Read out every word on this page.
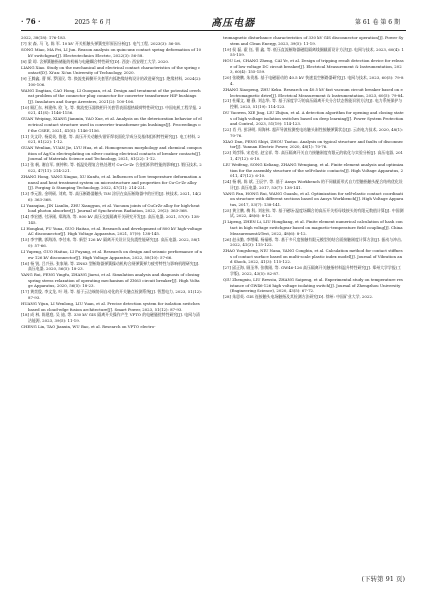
· 76 ·	2025 年 6 月	高压电器	第 61 卷 第 6 期

2022, 38(18): 176-183.

[7] 宋 森, 马 飞, 陈 军. 10 kV 开关柜触头弹簧变形原因分析[J]. 电气工程, 2023(3): 56-58.

SONG Miao, MA Fei, LI Jun. Reason analysis on quincunx contact spring deformation of 10 kV switchgear[J]. Electrotechnics Electric, 2022(3): 56-58.

[8] 梁 琼. 含弹簧触指储能的机械与电磁耦合特性研究[D]. 西安: 西安理工大学, 2020.

LIANG Xiao. Study on the mechanical and electrical contact characteristics of the spring contact[D]. Xi'an: Xi'an University of Technology, 2020.

[9] 王腾鑫, 曹 辉, 罗国民, 等. 换流变阀侧开关套管内弧绝缘结构设计的改进研究[J]. 绝缘材料, 2024(2): 100-106.

WANG Dagtian, CAO Hong, LI Guoquan, et al. Design and treatment of the potential overheat problem of the connector plug connector for converter transformer HIP bushings[J]. Insulators and Surge Arresters, 2021(2): 100-106.

[10] 顾汇东, 林建伟, 欧 飞, 等. 换流变压器换相开关套管表面超热载荷特性研究[J]. 中国电机工程学报, 2021, 41(S): 1146-1156.

GUAN Weiping, XIANG Jianmin, YAO Xue, et al. Analysis on the deterioration behavior of electrical contact structure used in converter transformer pin bushings[J]. Proceedings of the CSEE, 2021, 41(S): 1146-1156.

[11] 关文玲, 杨爱英, 鲁建, 等. 高压开关动触头银钎焊表面化学成分及基体组织特性研究[J]. 电工材料, 2021, 81(22): 1-12.

GUAN Wenlian, YUAN Jie, LYU Hua, et al. Homogeneous morphology and chemical composition of Ag/Cu electroplating on silver coating electrical contacts of breaker contacts[J]. Journal of Materials Science and Technology, 2021, 81(22): 1-12.

[12] 张 帆, 谢自军, 康仲和, 等. 低温处理复合热处理对 Cu-Cr-Zr 合金组织和性能的影响[J]. 锻压技术, 2022, 47(11): 214-221.

ZHANG Hong, YANG Xingao, XU Kunfu, et al. Influences of low temperature deformation anneal and heat treatment system on microstructure and properties for Cu-Cr-Zr alloy[J]. Forging & Stamping Technology, 2022, 47(11): 214-221.

[13] 李元淮, 金明硕, 刘欢, 等. 高压断路器触头 TiN 涂层在高压断路器中的应用[J]. 核技术, 2021, 14(26): 363-368.

LI Yuanqian, JIN Lianliu, ZHU Xiangyan, et al. Vacuum joints of CuCrZr alloy for high-heat load photon absorber[J]. Journal of Synchrotron Radiation, 2022, 29(2): 363-368.

[14] 李宏德, 付泽刚, 郑海涛, 等. 800 kV 高压交流隔离开关研究开发[J]. 高压电器, 2021, 57(9): 138-145.

LI Hongkui, FU Yuna, GUO Haitao, et al. Research and development of 800 kV high-voltage AC disconnector[J]. High Voltage Apparatus, 2021, 57(9): 138-145.

[15] 李宇鹏, 郭海涛, 李付来, 等. 新型 126 kV 隔离开关设计及抗震性能研究[J]. 高压电器, 2022, 58(10): 57-66.

LI Yupeng, GUO Haitao, LI Fuyang, et al. Research on design and seismic performance of new 126 kV disconnector[J]. High Voltage Apparatus, 2022, 58(10): 57-66.

[16] 杨 锐, 吕兴孙, 张家瑞, 等. ZN63 型断路器弹簧操动机构合闸弹簧弹力疲劳特性与影响机理研究[J]. 高压电器, 2020, 56(5): 18-23.

YANG Rui, FENG Yingfu, ZHANG Jiarui, et al. Simulation analysis and diagnosis of closing spring stress relaxation of operating mechanism of ZN63 circuit breaker[J]. High Voltage Apparatus, 2020, 56(5): 18-23.

[17] 黄奕俊, 李文龙, 叶 瑶, 等. 基于云边端协同自动化的开关触点检测系统[J]. 智慧电力, 2023, 51(12): 87-93.

HUANG Yijun, LI Wenlong, LIU Yuan, et al. Precise detection system for isolation switches based on cloud-edge fusion architecture[J]. Smart Power, 2023, 51(12): 87-93.

[18] 成 林, 陈建庭, 吴 迪, 等. 330 kV GIS 隔离开关操作产生 VFTO 的电磁骚扰特性研究[J]. 电网与清洁能源, 2023, 39(5): 11-19.

CHENG Lin, TAO Jianxin, WU Bao, et al. Research on VFTO electro-

tromagnetic disturbance characteristics of 330 kV GIS disconnector operation[J]. Power System and Clean Energy, 2023, 39(5): 11-19.

[19] 侯 磊, 霍 钰, 曹 鑫, 等. 低压直流断路器磁阻隔离线圈截面设计方法[J]. 电网与技术, 2023, 60(4): 155-159.

HOU Lei, CHANG Zheng, CAI Ye, et al. Design of tripping result detection device for release of low voltage DC circuit breaker[J]. Electrical Measurement & Instrumentation, 2023, 60(4): 155-159.

[20] 张晓鹏, 朱贵基. 基于电磁驱动的 40.5 kV 快速直空断路器研究[J]. 电网与技术, 2023, 60(5): 79-84.

ZHANG Xiaopeng, ZHU Keku. Research on 40.5 kV fast vacuum circuit breaker based on electromagnetic drive[J]. Electrical Measurement & Instrumentation, 2023, 60(5): 79-84.

[21] 杜耀文, 谢 静, 刘志华, 等. 基于深度学习的高压隔离开关分合状态智能识别方法[J]. 电力系统保护与控制, 2023, 51(19): 114-123.

DU Yaowen, XIE Jing, LIU Zhijun, et al. A detection algorithm for opening and closing states of high voltage isolation switches based on deep learning[J]. Power System Protection and Control, 2023, 51(19): 114-123.

[22] 肖 丹, 彭泽明, 周海林. 超声导波检测变电站触头刚性接触弹簧状态[J]. 云南电力技术, 2020, 48(1): 70-76.

XIAO Dan, PENG Shiyi, ZHOU Taotao. Analysis on typical structure and faults of disconnector[J]. Yunnan Electric Power, 2020, 48(1): 70-76.

[23] 刘彦锋, 宋克亮, 赵宝祥, 等. 高压隔离开关自力接触刚度有限元的软化与实验分析[J]. 高压电器, 2011, 47(12): 6-10.

LIU Weifeng, SONG Keliang, ZHANG Wenqiang, et al. Finite element analysis and optimization for the assembly structure of the self-elastic contacts[J]. High Voltage Apparatus, 2011, 47(12): 6-10.

[24] 杨 帆, 陈 斌, 王辰宇, 等. 基于 Ansys Workbench 的不同截面形式自力型触指触头配合结构优化设计[J]. 高压电器, 2017, 53(7): 138-141.

YANG Fan, HONG Rui, WANG Guanlu, et al. Optimization for self-elastic contact coordination structure with different sections based on Ansys Workbench[J]. High Voltage Apparatus, 2017, 53(7): 138-141.

[25] 黄立鹏, 梅 科, 刘宏伟, 等. 基于磁场-温度场耦合的高压开关柜母线接头的有限元数值计算[J]. 中国测试, 2022, 48(6): 8-12.

JI Lipeng, ZHEN Li, LIU Hongliang, et al. Finite element numerical calculation of hash contact in high voltage switchgear based on magnetic-temperature field coupling[J]. China Measurement&Test, 2022, 48(6): 8-12.

[26] 赵永勤, 李增耀, 杨福彬, 等. 基于多尺度接触有限元模型的结合面接触刚度计算方法[J]. 振动与冲击, 2022, 41(3): 115-122.

ZHAO Yongsheng, NIU Nana, YANG Congbin, et al. Calculation method for contact stiffness of contact surface based on multi-scale plastic index model[J]. Journal of Vibration and Shock, 2022, 41(3): 115-122.

[27] 邱正海, 顾圣华, 张敏刚, 等. GW46-126 高压隔离开关触指材料温升特性研究[J]. 郑州大学学报(工学版), 2022, 43(5): 82-87.

QIU Zhengxiu, LIU Rewsiu, ZHANG Saipeng, et al. Experimental study on temperature resistance of GW46-126 high voltage isolating switch[J]. Journal of Zhengzhou University(Engineering Science), 2020, 43(5): 67-72.

[28] 朱思英. GIS 连接触头电场触指及其检测方法研究[D]. 徐州: 中国矿业大学, 2022.

(下转第 91 页)
